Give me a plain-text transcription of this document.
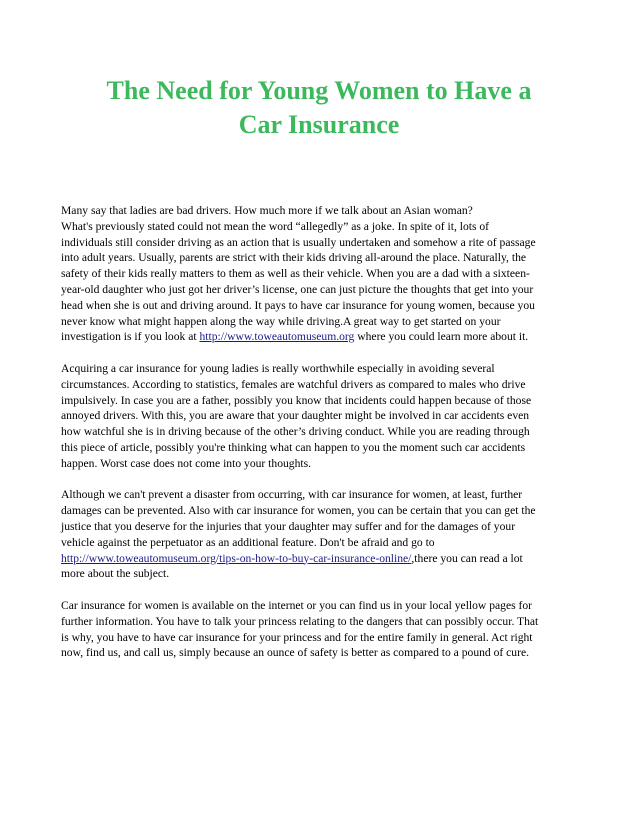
The Need for Young Women to Have a
Car Insurance

Many say that ladies are bad drivers. How much more if we talk about an Asian woman?
What's previously stated could not mean the word “allegedly” as a joke. In spite of it, lots of
individuals still consider driving as an action that is usually undertaken and somehow a rite of passage
into adult years. Usually, parents are strict with their kids driving all-around the place. Naturally, the
safety of their kids really matters to them as well as their vehicle. When you are a dad with a sixteen-
year-old daughter who just got her driver’s license, one can just picture the thoughts that get into your
head when she is out and driving around. It pays to have car insurance for young women, because you
never know what might happen along the way while driving.A great way to get started on your
investigation is if you look at http://www.toweautomuseum.org where you could learn more about it.

Acquiring a car insurance for young ladies is really worthwhile especially in avoiding several
circumstances. According to statistics, females are watchful drivers as compared to males who drive
impulsively. In case you are a father, possibly you know that incidents could happen because of those
annoyed drivers. With this, you are aware that your daughter might be involved in car accidents even
how watchful she is in driving because of the other’s driving conduct. While you are reading through
this piece of article, possibly you're thinking what can happen to you the moment such car accidents
happen. Worst case does not come into your thoughts.

Although we can't prevent a disaster from occurring, with car insurance for women, at least, further
damages can be prevented. Also with car insurance for women, you can be certain that you can get the
justice that you deserve for the injuries that your daughter may suffer and for the damages of your
vehicle against the perpetuator as an additional feature. Don't be afraid and go to
http://www.toweautomuseum.org/tips-on-how-to-buy-car-insurance-online/,there you can read a lot
more about the subject.

Car insurance for women is available on the internet or you can find us in your local yellow pages for
further information. You have to talk your princess relating to the dangers that can possibly occur. That
is why, you have to have car insurance for your princess and for the entire family in general. Act right
now, find us, and call us, simply because an ounce of safety is better as compared to a pound of cure.
